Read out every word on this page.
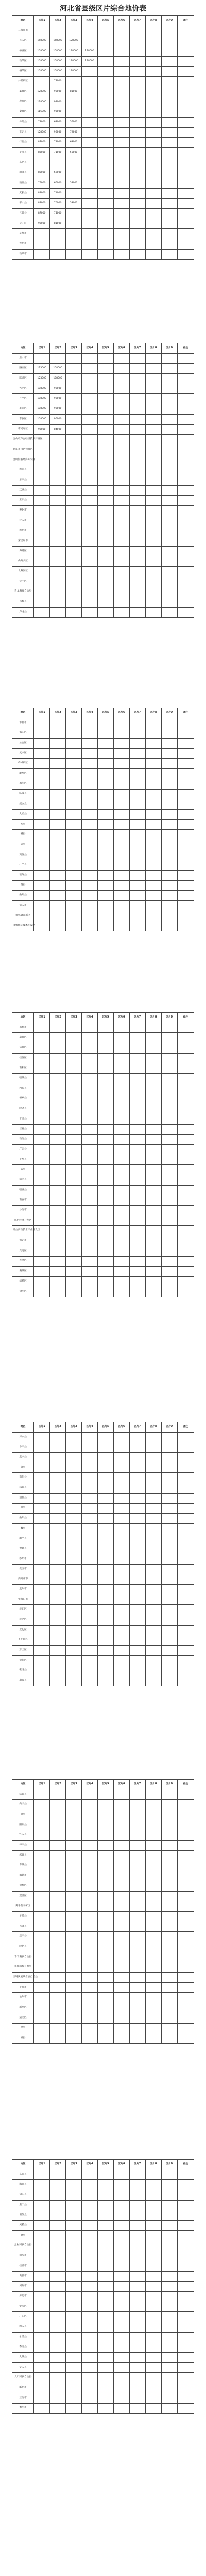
河北省县级区片综合地价表
地区	区片1	区片2	区片3	区片4	区片5	区片6	区片7	区片8	区片9	备注
石家庄市										
长安区	158000	158000	128000							
桥西区	158000	158000	128000	128000						
新华区	158000	158000	128000	128000						
裕华区	158000	158000	128000							
井陉矿区		72000								
藁城区	128000	98000	81000							
鹿泉区	128000	98000								
栾城区	116000	93000								
井陉县	72000	63000	56000							
正定县	128000	98000	72000							
行唐县	87000	72000	63000							
灵寿县	83000	71000	56000							
高邑县										
深泽县	80000	69000								
赞皇县	75000	66000	58000							
无极县	82000	71000								
平山县	88000	70000	53000							
元氏县	87000	74000								
赵 县	96000	81000								
辛集市										
晋州市										
新乐市										
地区	区片1	区片2	区片3	区片4	区片5	区片6	区片7	区片8	区片9	备注
唐山市										
路南区	123000	108000								
路北区	123000	108000								
古冶区	108000	96000								
开平区	108000	96000								
丰南区	108000	96000								
丰润区	108000	96000								
曹妃甸区	96000	84000								
唐山市芦台经济技术开发区										
唐山市汉沽管理区										
唐山海港经济开发区										
滦南县										
乐亭县										
迁西县										
玉田县										
遵化市										
迁安市										
滦州市										
秦皇岛市										
海港区										
山海关区										
北戴河区										
抚宁区										
青龙满族自治县										
昌黎县										
卢龙县										
地区	区片1	区片2	区片3	区片4	区片5	区片6	区片7	区片8	区片9	备注
邯郸市										
邯山区										
丛台区										
复兴区										
峰峰矿区										
肥乡区										
永年区										
临漳县										
成安县										
大名县										
涉县										
磁县										
邱县										
鸡泽县										
广平县										
馆陶县										
魏县										
曲周县										
武安市										
邯郸冀南新区										
邯郸经济技术开发区										
地区	区片1	区片2	区片3	区片4	区片5	区片6	区片7	区片8	区片9	备注
邢台市										
襄都区										
信都区										
任泽区										
南和区										
临城县										
内丘县										
柏乡县										
隆尧县										
宁晋县										
巨鹿县										
新河县										
广宗县										
平乡县										
威县										
清河县										
临西县										
南宫市										
沙河市										
邢台经济开发区										
邢台高新技术产业开发区										
保定市										
竞秀区										
莲池区										
满城区										
清苑区										
徐水区										
地区	区片1	区片2	区片3	区片4	区片5	区片6	区片7	区片8	区片9	备注
涞水县										
阜平县										
定兴县										
唐县										
高阳县										
涞源县										
望都县										
易县										
曲阳县										
蠡县										
顺平县										
博野县										
涿州市										
安国市										
高碑店市										
定州市										
张家口市										
桥东区										
桥西区										
宣化区										
下花园区										
万全区										
崇礼区										
张北县										
康保县										
地区	区片1	区片2	区片3	区片4	区片5	区片6	区片7	区片8	区片9	备注
沽源县										
尚义县										
蔚县										
阳原县										
怀安县										
怀来县										
涿鹿县										
赤城县										
承德市										
双桥区										
双滦区										
鹰手营子矿区										
承德县										
兴隆县										
滦平县										
隆化县										
丰宁满族自治县										
宽城满族自治县										
围场满族蒙古族自治县										
平泉市										
沧州市										
新华区										
运河区										
沧县										
青县										
地区	区片1	区片2	区片3	区片4	区片5	区片6	区片7	区片8	区片9	备注
东光县										
海兴县										
盐山县										
肃宁县										
南皮县										
吴桥县										
献县										
孟村回族自治县										
泊头市										
任丘市										
黄骅市										
河间市										
廊坊市										
安次区										
广阳区										
固安县										
永清县										
香河县										
大城县										
文安县										
大厂回族自治县										
霸州市										
三河市										
衡水市										
